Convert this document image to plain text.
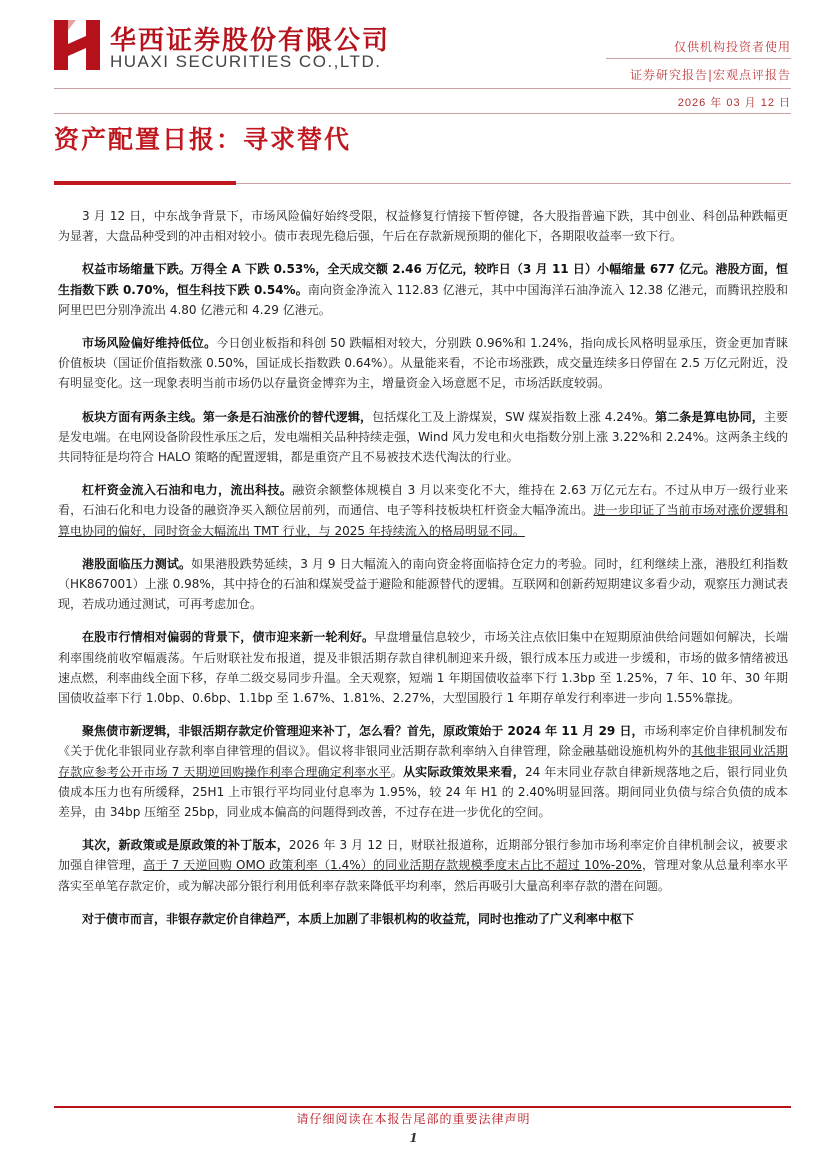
华西证券股份有限公司
HUAXI SECURITIES CO.,LTD.
仅供机构投资者使用
证券研究报告|宏观点评报告
2026 年 03 月 12 日
资产配置日报：寻求替代

3 月 12 日，中东战争背景下，市场风险偏好始终受限，权益修复行情接下暂停键，各大股指普遍下跌，其中创业、科创品种跌幅更为显著，大盘品种受到的冲击相对较小。债市表现先稳后强，午后在存款新规预期的催化下，各期限收益率一致下行。

权益市场缩量下跌。万得全 A 下跌 0.53%，全天成交额 2.46 万亿元，较昨日（3 月 11 日）小幅缩量 677 亿元。港股方面，恒生指数下跌 0.70%，恒生科技下跌 0.54%。南向资金净流入 112.83 亿港元，其中中国海洋石油净流入 12.38 亿港元，而腾讯控股和阿里巴巴分别净流出 4.80 亿港元和 4.29 亿港元。

市场风险偏好维持低位。今日创业板指和科创 50 跌幅相对较大，分别跌 0.96%和 1.24%，指向成长风格明显承压，资金更加青睐价值板块（国证价值指数涨 0.50%，国证成长指数跌 0.64%）。从量能来看，不论市场涨跌，成交量连续多日停留在 2.5 万亿元附近，没有明显变化。这一现象表明当前市场仍以存量资金博弈为主，增量资金入场意愿不足，市场活跃度较弱。

板块方面有两条主线。第一条是石油涨价的替代逻辑，包括煤化工及上游煤炭，SW 煤炭指数上涨 4.24%。第二条是算电协同，主要是发电端。在电网设备阶段性承压之后，发电端相关品种持续走强，Wind 风力发电和火电指数分别上涨 3.22%和 2.24%。这两条主线的共同特征是均符合 HALO 策略的配置逻辑，都是重资产且不易被技术迭代淘汰的行业。

杠杆资金流入石油和电力，流出科技。融资余额整体规模自 3 月以来变化不大，维持在 2.63 万亿元左右。不过从申万一级行业来看，石油石化和电力设备的融资净买入额位居前列，而通信、电子等科技板块杠杆资金大幅净流出。进一步印证了当前市场对涨价逻辑和算电协同的偏好，同时资金大幅流出 TMT 行业，与 2025 年持续流入的格局明显不同。

港股面临压力测试。如果港股跌势延续，3 月 9 日大幅流入的南向资金将面临持仓定力的考验。同时，红利继续上涨，港股红利指数（HK867001）上涨 0.98%，其中持仓的石油和煤炭受益于避险和能源替代的逻辑。互联网和创新药短期建议多看少动，观察压力测试表现，若成功通过测试，可再考虑加仓。

在股市行情相对偏弱的背景下，债市迎来新一轮利好。早盘增量信息较少，市场关注点依旧集中在短期原油供给问题如何解决，长端利率围绕前收窄幅震荡。午后财联社发布报道，提及非银活期存款自律机制迎来升级，银行成本压力或进一步缓和，市场的做多情绪被迅速点燃，利率曲线全面下移，存单二级交易同步升温。全天观察，短端 1 年期国债收益率下行 1.3bp 至 1.25%，7 年、10 年、30 年期国债收益率下行 1.0bp、0.6bp、1.1bp 至 1.67%、1.81%、2.27%，大型国股行 1 年期存单发行利率进一步向 1.55%靠拢。

聚焦债市新逻辑，非银活期存款定价管理迎来补丁，怎么看？首先，原政策始于 2024 年 11 月 29 日，市场利率定价自律机制发布《关于优化非银同业存款利率自律管理的倡议》。倡议将非银同业活期存款利率纳入自律管理，除金融基础设施机构外的其他非银同业活期存款应参考公开市场 7 天期逆回购操作利率合理确定利率水平。从实际政策效果来看，24 年末同业存款自律新规落地之后，银行同业负债成本压力也有所缓释，25H1 上市银行平均同业付息率为 1.95%，较 24 年 H1 的 2.40%明显回落。期间同业负债与综合负债的成本差异，由 34bp 压缩至 25bp，同业成本偏高的问题得到改善，不过存在进一步优化的空间。

其次，新政策或是原政策的补丁版本，2026 年 3 月 12 日，财联社报道称，近期部分银行参加市场利率定价自律机制会议，被要求加强自律管理，高于 7 天逆回购 OMO 政策利率（1.4%）的同业活期存款规模季度末占比不超过 10%-20%，管理对象从总量利率水平落实至单笔存款定价，或为解决部分银行利用低利率存款来降低平均利率，然后再吸引大量高利率存款的潜在问题。

对于债市而言，非银存款定价自律趋严，本质上加剧了非银机构的收益荒，同时也推动了广义利率中枢下

请仔细阅读在本报告尾部的重要法律声明
1
